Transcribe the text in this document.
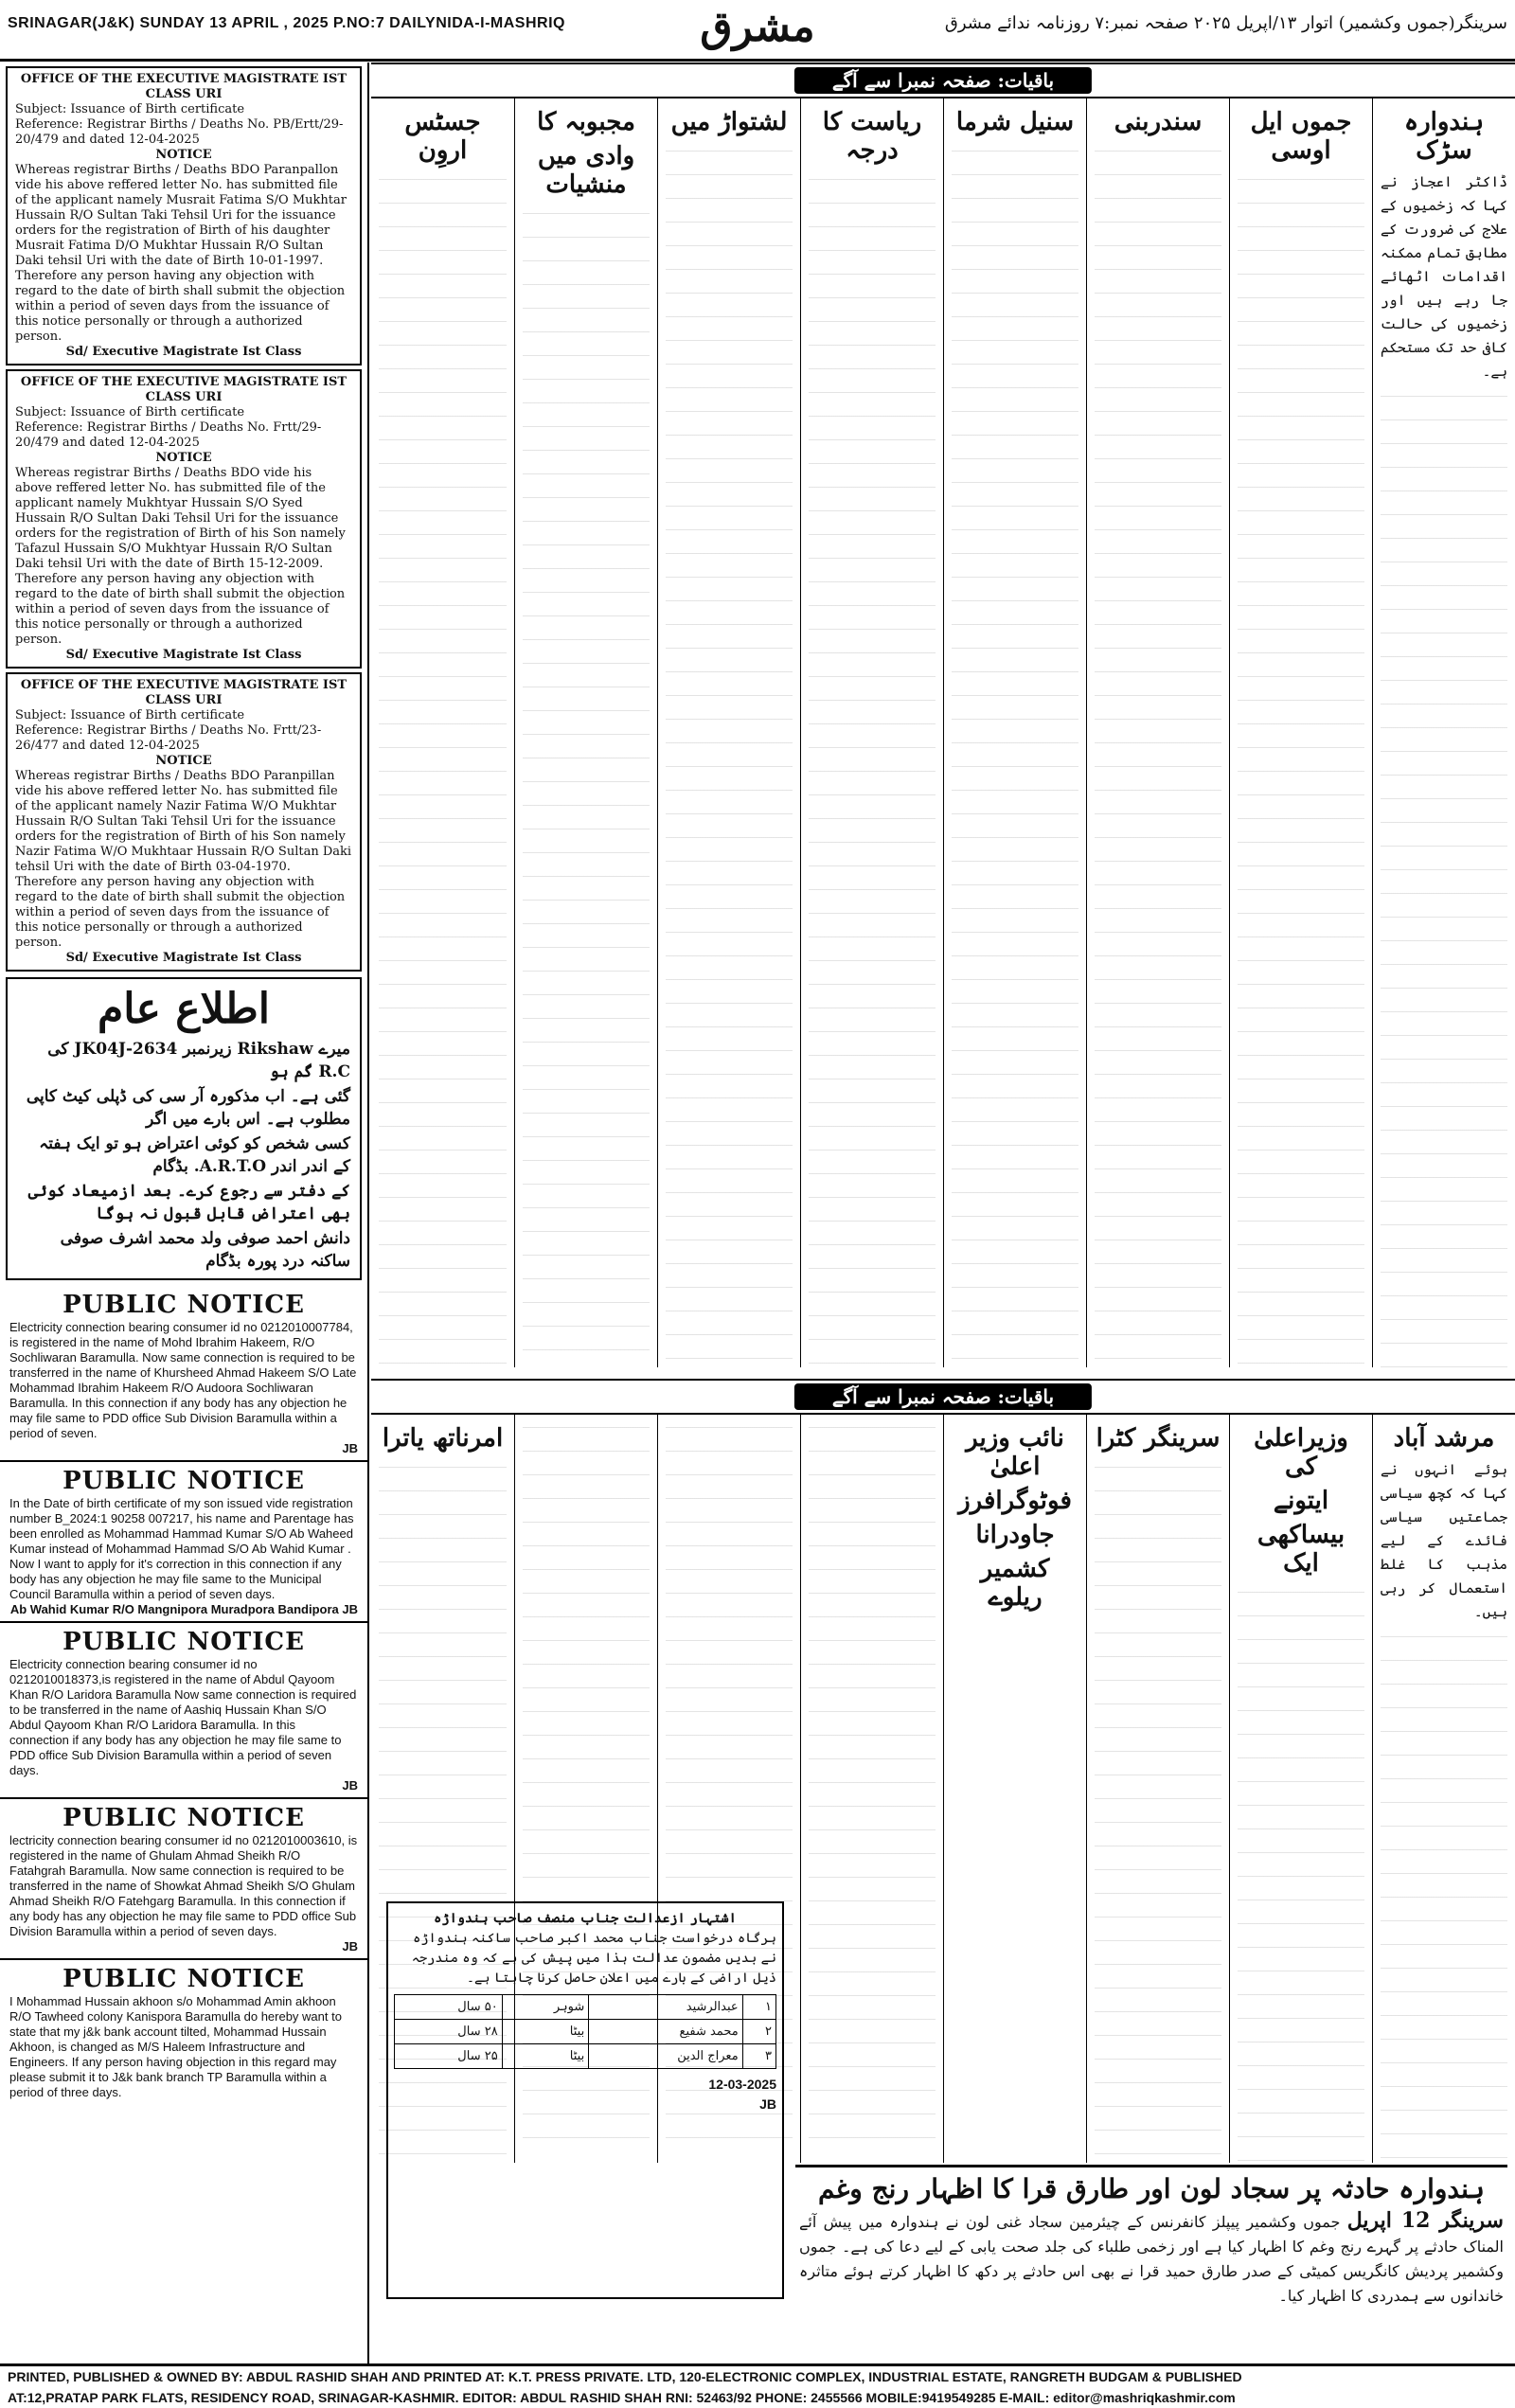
SRINAGAR(J&K) SUNDAY 13 APRIL , 2025 P.NO:7 DAILYNIDA-I-MASHRIQ	مشرق	سرینگر(جموں وکشمیر) اتوار ۱۳/اپریل ۲۰۲۵ صفحہ نمبر:۷ روزنامہ ندائے مشرق
OFFICE OF THE EXECUTIVE MAGISTRATE IST CLASS URI
Subject: Issuance of Birth certificate
Reference: Registrar Births / Deaths No. PB/Ertt/29-20/479 and dated 12-04-2025
NOTICE
Whereas registrar Births / Deaths BDO Paranpallon vide his above reffered letter No. has submitted file of the applicant namely Musrait Fatima S/O Mukhtar Hussain R/O Sultan Taki Tehsil Uri for the issuance orders for the registration of Birth of his daughter Musrait Fatima D/O Mukhtar Hussain R/O Sultan Daki tehsil Uri with the date of Birth 10-01-1997. Therefore any person having any objection with regard to the date of birth shall submit the objection within a period of seven days from the issuance of this notice personally or through a authorized person.
Sd/ Executive Magistrate Ist Class
OFFICE OF THE EXECUTIVE MAGISTRATE IST CLASS URI
Subject: Issuance of Birth certificate
Reference: Registrar Births / Deaths No. Frtt/29-20/479 and dated 12-04-2025
NOTICE
Whereas registrar Births / Deaths BDO vide his above reffered letter No. has submitted file of the applicant namely Mukhtyar Hussain S/O Syed Hussain R/O Sultan Daki Tehsil Uri for the issuance orders for the registration of Birth of his Son namely Tafazul Hussain S/O Mukhtyar Hussain R/O Sultan Daki tehsil Uri with the date of Birth 15-12-2009. Therefore any person having any objection with regard to the date of birth shall submit the objection within a period of seven days from the issuance of this notice personally or through a authorized person.
Sd/ Executive Magistrate Ist Class
OFFICE OF THE EXECUTIVE MAGISTRATE IST CLASS URI
Subject: Issuance of Birth certificate
Reference: Registrar Births / Deaths No. Frtt/23-26/477 and dated 12-04-2025
NOTICE
Whereas registrar Births / Deaths BDO Paranpillan vide his above reffered letter No. has submitted file of the applicant namely Nazir Fatima W/O Mukhtar Hussain R/O Sultan Taki Tehsil Uri for the issuance orders for the registration of Birth of his Son namely Nazir Fatima W/O Mukhtaar Hussain R/O Sultan Daki tehsil Uri with the date of Birth 03-04-1970. Therefore any person having any objection with regard to the date of birth shall submit the objection within a period of seven days from the issuance of this notice personally or through a authorized person.
Sd/ Executive Magistrate Ist Class
اطلاع عام

میرے Rikshaw زیرنمبر JK04J-2634 کی R.C گم ہو

گئی ہے۔ اب مذکورہ آر سی کی ڈپلی کیٹ کاپی مطلوب ہے۔ اس بارے میں اگر

کسی شخص کو کوئی اعتراض ہو تو ایک ہفتہ کے اندر اندر A.R.T.O. بڈگام

کے دفتر سے رجوع کرے۔ بعد ازمیعاد کوئی بھی اعتراض قابل قبول نہ ہوگا

دانش احمد صوفی ولد محمد اشرف صوفی ساکنہ درد پورہ بڈگام

PUBLIC NOTICE
Electricity connection bearing consumer id no 0212010007784, is registered in the name of Mohd Ibrahim Hakeem, R/O Sochliwaran Baramulla. Now same connection is required to be transferred in the name of Khursheed Ahmad Hakeem S/O Late Mohammad Ibrahim Hakeem R/O Audoora Sochliwaran Baramulla. In this connection if any body has any objection he may file same to PDD office Sub Division Baramulla within a period of seven.
JB
PUBLIC NOTICE
In the Date of birth certificate of my son issued vide registration number B_2024:1 90258 007217, his name and Parentage has been enrolled as Mohammad Hammad Kumar S/O Ab Waheed Kumar instead of Mohammad Hammad S/O Ab Wahid Kumar . Now I want to apply for it's correction in this connection if any body has any objection he may file same to the Municipal Council Baramulla within a period of seven days.
Ab Wahid Kumar R/O Mangnipora Muradpora Bandipora JB
PUBLIC NOTICE
Electricity connection bearing consumer id no 0212010018373,is registered in the name of Abdul Qayoom Khan R/O Laridora Baramulla Now same connection is required to be transferred in the name of Aashiq Hussain Khan S/O Abdul Qayoom Khan R/O Laridora Baramulla. In this connection if any body has any objection he may file same to PDD office Sub Division Baramulla within a period of seven days.
JB
PUBLIC NOTICE
lectricity connection bearing consumer id no 0212010003610, is registered in the name of Ghulam Ahmad Sheikh R/O Fatahgrah Baramulla. Now same connection is required to be transferred in the name of Showkat Ahmad Sheikh S/O Ghulam Ahmad Sheikh R/O Fatehgarg Baramulla. In this connection if any body has any objection he may file same to PDD office Sub Division Baramulla within a period of seven days.
JB
PUBLIC NOTICE
I Mohammad Hussain akhoon s/o Mohammad Amin akhoon R/O Tawheed colony Kanispora Baramulla do hereby want to state that my j&k bank account tilted, Mohammad Hussain Akhoon, is changed as M/S Haleem Infrastructure and Engineers. If any person having objection in this regard may please submit it to J&k bank branch TP Baramulla within a period of three days.
باقیات: صفحہ نمبرا سے آگے
ہندوارہ سڑک

ڈاکٹر اعجاز نے کہا کہ زخمیوں کے علاج کی ضرورت کے مطابق تمام ممکنہ اقدامات اٹھائے جا رہے ہیں اور زخمیوں کی حالت کافی حد تک مستحکم ہے۔

جموں ایل اوسی
سندربنی
سنیل شرما
ریاست کا درجہ
لشتواڑ میں
مجبوبہ کا
وادی میں منشیات
جسٹس اروِن
باقیات: صفحہ نمبرا سے آگے
مرشد آباد

ہوئے انہوں نے کہا کہ کچھ سیاسی جماعتیں سیاسی فائدے کے لیے مذہب کا غلط استعمال کر رہی ہیں۔

وزیراعلیٰ کی
ایتونے
بیساکھی ایک
سرینگر کٹرا
نائب وزیر اعلیٰ
فوٹوگرافرز
جاودرانا
کشمیر ریلوے
امرناتھ یاترا
اشتہار ازعدالت جناب منصف صاحب ہندواڑہ
ہرگاہ درخواست جناب محمد اکبر صاحب ساکنہ ہندواڑہ نے بدیں مضمون عدالت ہذا میں پیش کی ہے کہ وہ مندرجہ ذیل اراضی کے بارے میں اعلان حاصل کرنا چاہتا ہے۔
۱	عبدالرشید	شوہر	۵۰ سال
۲	محمد شفیع	بیٹا	۲۸ سال
۳	معراج الدین	بیٹا	۲۵ سال
12-03-2025
JB
ہندوارہ حادثہ پر سجاد لون اور طارق قرا کا اظہار رنج وغم

سرینگر 12 اپریل جموں وکشمیر پیپلز کانفرنس کے چیئرمین سجاد غنی لون نے ہندوارہ میں پیش آئے المناک حادثے پر گہرے رنج وغم کا اظہار کیا ہے اور زخمی طلباء کی جلد صحت یابی کے لیے دعا کی ہے۔ جموں وکشمیر پردیش کانگریس کمیٹی کے صدر طارق حمید قرا نے بھی اس حادثے پر دکھ کا اظہار کرتے ہوئے متاثرہ خاندانوں سے ہمدردی کا اظہار کیا۔

PRINTED, PUBLISHED & OWNED BY: ABDUL RASHID SHAH AND PRINTED AT: K.T. PRESS PRIVATE. LTD, 120-ELECTRONIC COMPLEX, INDUSTRIAL ESTATE, RANGRETH BUDGAM & PUBLISHED
AT:12,PRATAP PARK FLATS, RESIDENCY ROAD, SRINAGAR-KASHMIR. EDITOR: ABDUL RASHID SHAH RNI: 52463/92 PHONE: 2455566 MOBILE:9419549285 E-MAIL: editor@mashriqkashmir.com
